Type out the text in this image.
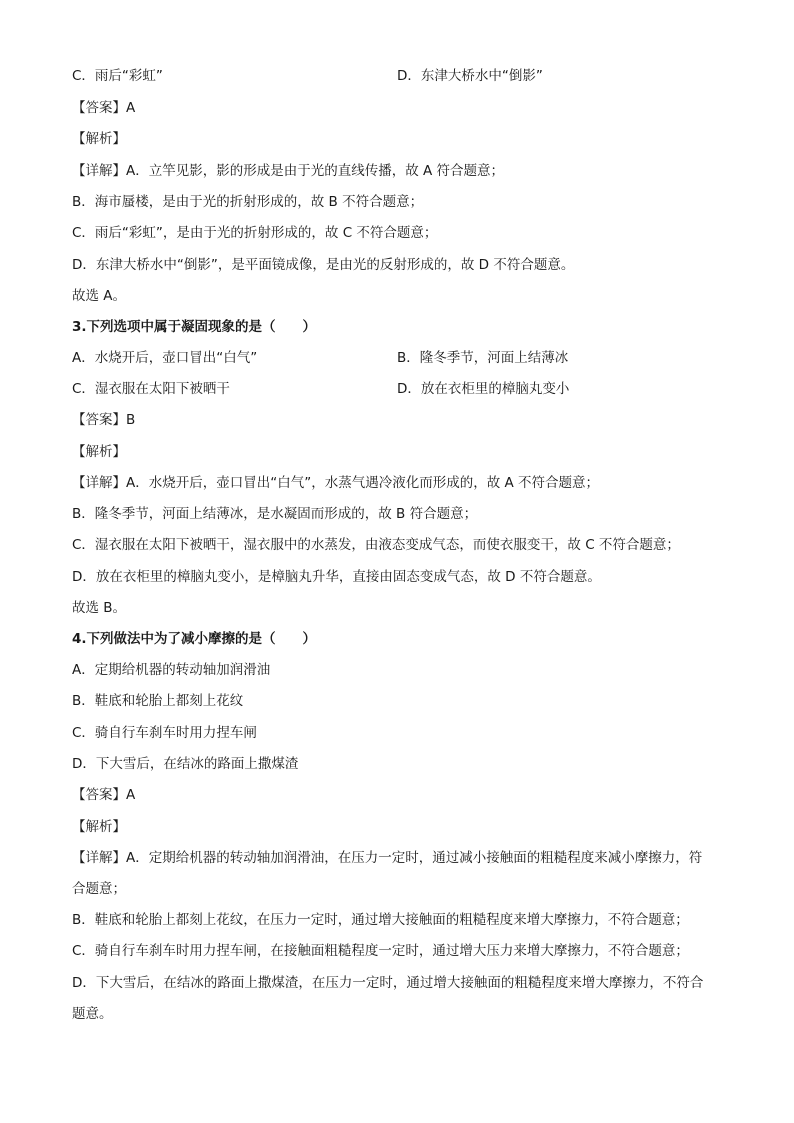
C．雨后“彩虹”	D．东津大桥水中“倒影”
【答案】A
【解析】
【详解】A．立竿见影，影的形成是由于光的直线传播，故 A 符合题意；
B．海市蜃楼，是由于光的折射形成的，故 B 不符合题意；
C．雨后“彩虹”，是由于光的折射形成的，故 C 不符合题意；
D．东津大桥水中“倒影”，是平面镜成像，是由光的反射形成的，故 D 不符合题意。
故选 A。
3.下列选项中属于凝固现象的是（　　）
A．水烧开后，壶口冒出“白气”	B．隆冬季节，河面上结薄冰
C．湿衣服在太阳下被晒干	D．放在衣柜里的樟脑丸变小
【答案】B
【解析】
【详解】A．水烧开后，壶口冒出“白气”，水蒸气遇冷液化而形成的，故 A 不符合题意；
B．隆冬季节，河面上结薄冰，是水凝固而形成的，故 B 符合题意；
C．湿衣服在太阳下被晒干，湿衣服中的水蒸发，由液态变成气态，而使衣服变干，故 C 不符合题意；
D．放在衣柜里的樟脑丸变小，是樟脑丸升华，直接由固态变成气态，故 D 不符合题意。
故选 B。
4.下列做法中为了减小摩擦的是（　　）
A．定期给机器的转动轴加润滑油
B．鞋底和轮胎上都刻上花纹
C．骑自行车刹车时用力捏车闸
D．下大雪后，在结冰的路面上撒煤渣
【答案】A
【解析】
【详解】A．定期给机器的转动轴加润滑油，在压力一定时，通过减小接触面的粗糙程度来减小摩擦力，符
合题意；
B．鞋底和轮胎上都刻上花纹，在压力一定时，通过增大接触面的粗糙程度来增大摩擦力，不符合题意；
C．骑自行车刹车时用力捏车闸，在接触面粗糙程度一定时，通过增大压力来增大摩擦力，不符合题意；
D．下大雪后，在结冰的路面上撒煤渣，在压力一定时，通过增大接触面的粗糙程度来增大摩擦力，不符合
题意。
